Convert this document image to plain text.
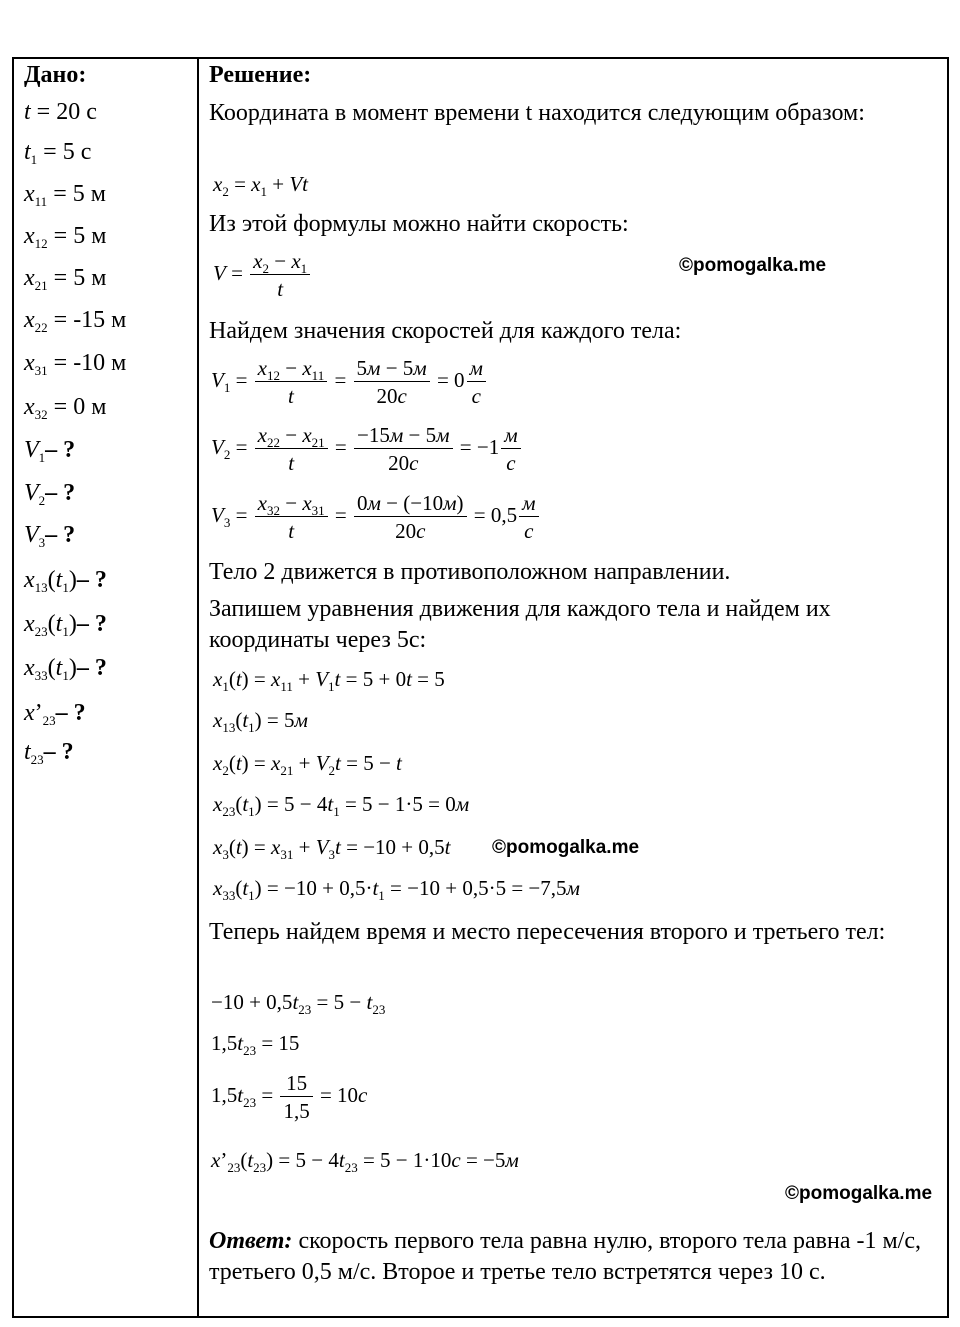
Дано:
t = 20 с
$t_1 = 5$ с
$x_{11} = 5$ м
$x_{12} = 5$ м
$x_{21} = 5$ м
$x_{22} = -15$ м
$x_{31} = -10$ м
$x_{32} = 0$ м
$V_1-$ ?
$V_2-$ ?
$V_3-$ ?
$x_{13}(t_1)-$ ?
$x_{23}(t_1)-$ ?
$x_{33}(t_1)-$ ?
$x’_{23}-$ ?
$t_{23}-$ ?
Решение:
Координата в момент времени t находится следующим образом:
$x_2 = x_1 + Vt$
Из этой формулы можно найти скорость:
$V = \frac{x_2 - x_1}{t}$	©pomogalka.me
Найдем значения скоростей для каждого тела:
$V_1 = \frac{x_{12} - x_{11}}{t} = \frac{5м - 5м}{20с} = 0 \frac{м}{с}$
$V_2 = \frac{x_{22} - x_{21}}{t} = \frac{-15м - 5м}{20с} = -1 \frac{м}{с}$
$V_3 = \frac{x_{32} - x_{31}}{t} = \frac{0м - (-10м)}{20с} = 0,5 \frac{м}{с}$
Тело 2 движется в противоположном направлении.
Запишем уравнения движения для каждого тела и найдем их координаты через 5с:
$x_1(t) = x_{11} + V_1t = 5 + 0t = 5$
$x_{13}(t_1) = 5м$
$x_2(t) = x_{21} + V_2t = 5 - t$
$x_{23}(t_1) = 5 - 4t_1 = 5 - 1\cdot 5 = 0м$
$x_3(t) = x_{31} + V_3t = -10 + 0,5t$ ©pomogalka.me
$x_{33}(t_1) = -10 + 0,5\cdot t_1 = -10 + 0,5\cdot 5 = -7,5м$
Теперь найдем время и место пересечения второго и третьего тел:
$-10 + 0,5t_{23} = 5 - t_{23}$
$1,5t_{23} = 15$
$1,5t_{23} = \frac{15}{1,5} = 10с$
$x’_{23}(t_{23}) = 5 - 4t_{23} = 5 - 1\cdot 10с = -5м$
©pomogalka.me
Ответ: скорость первого тела равна нулю, второго тела равна -1 м/с, третьего 0,5 м/с. Второе и третье тело встретятся через 10 с.
